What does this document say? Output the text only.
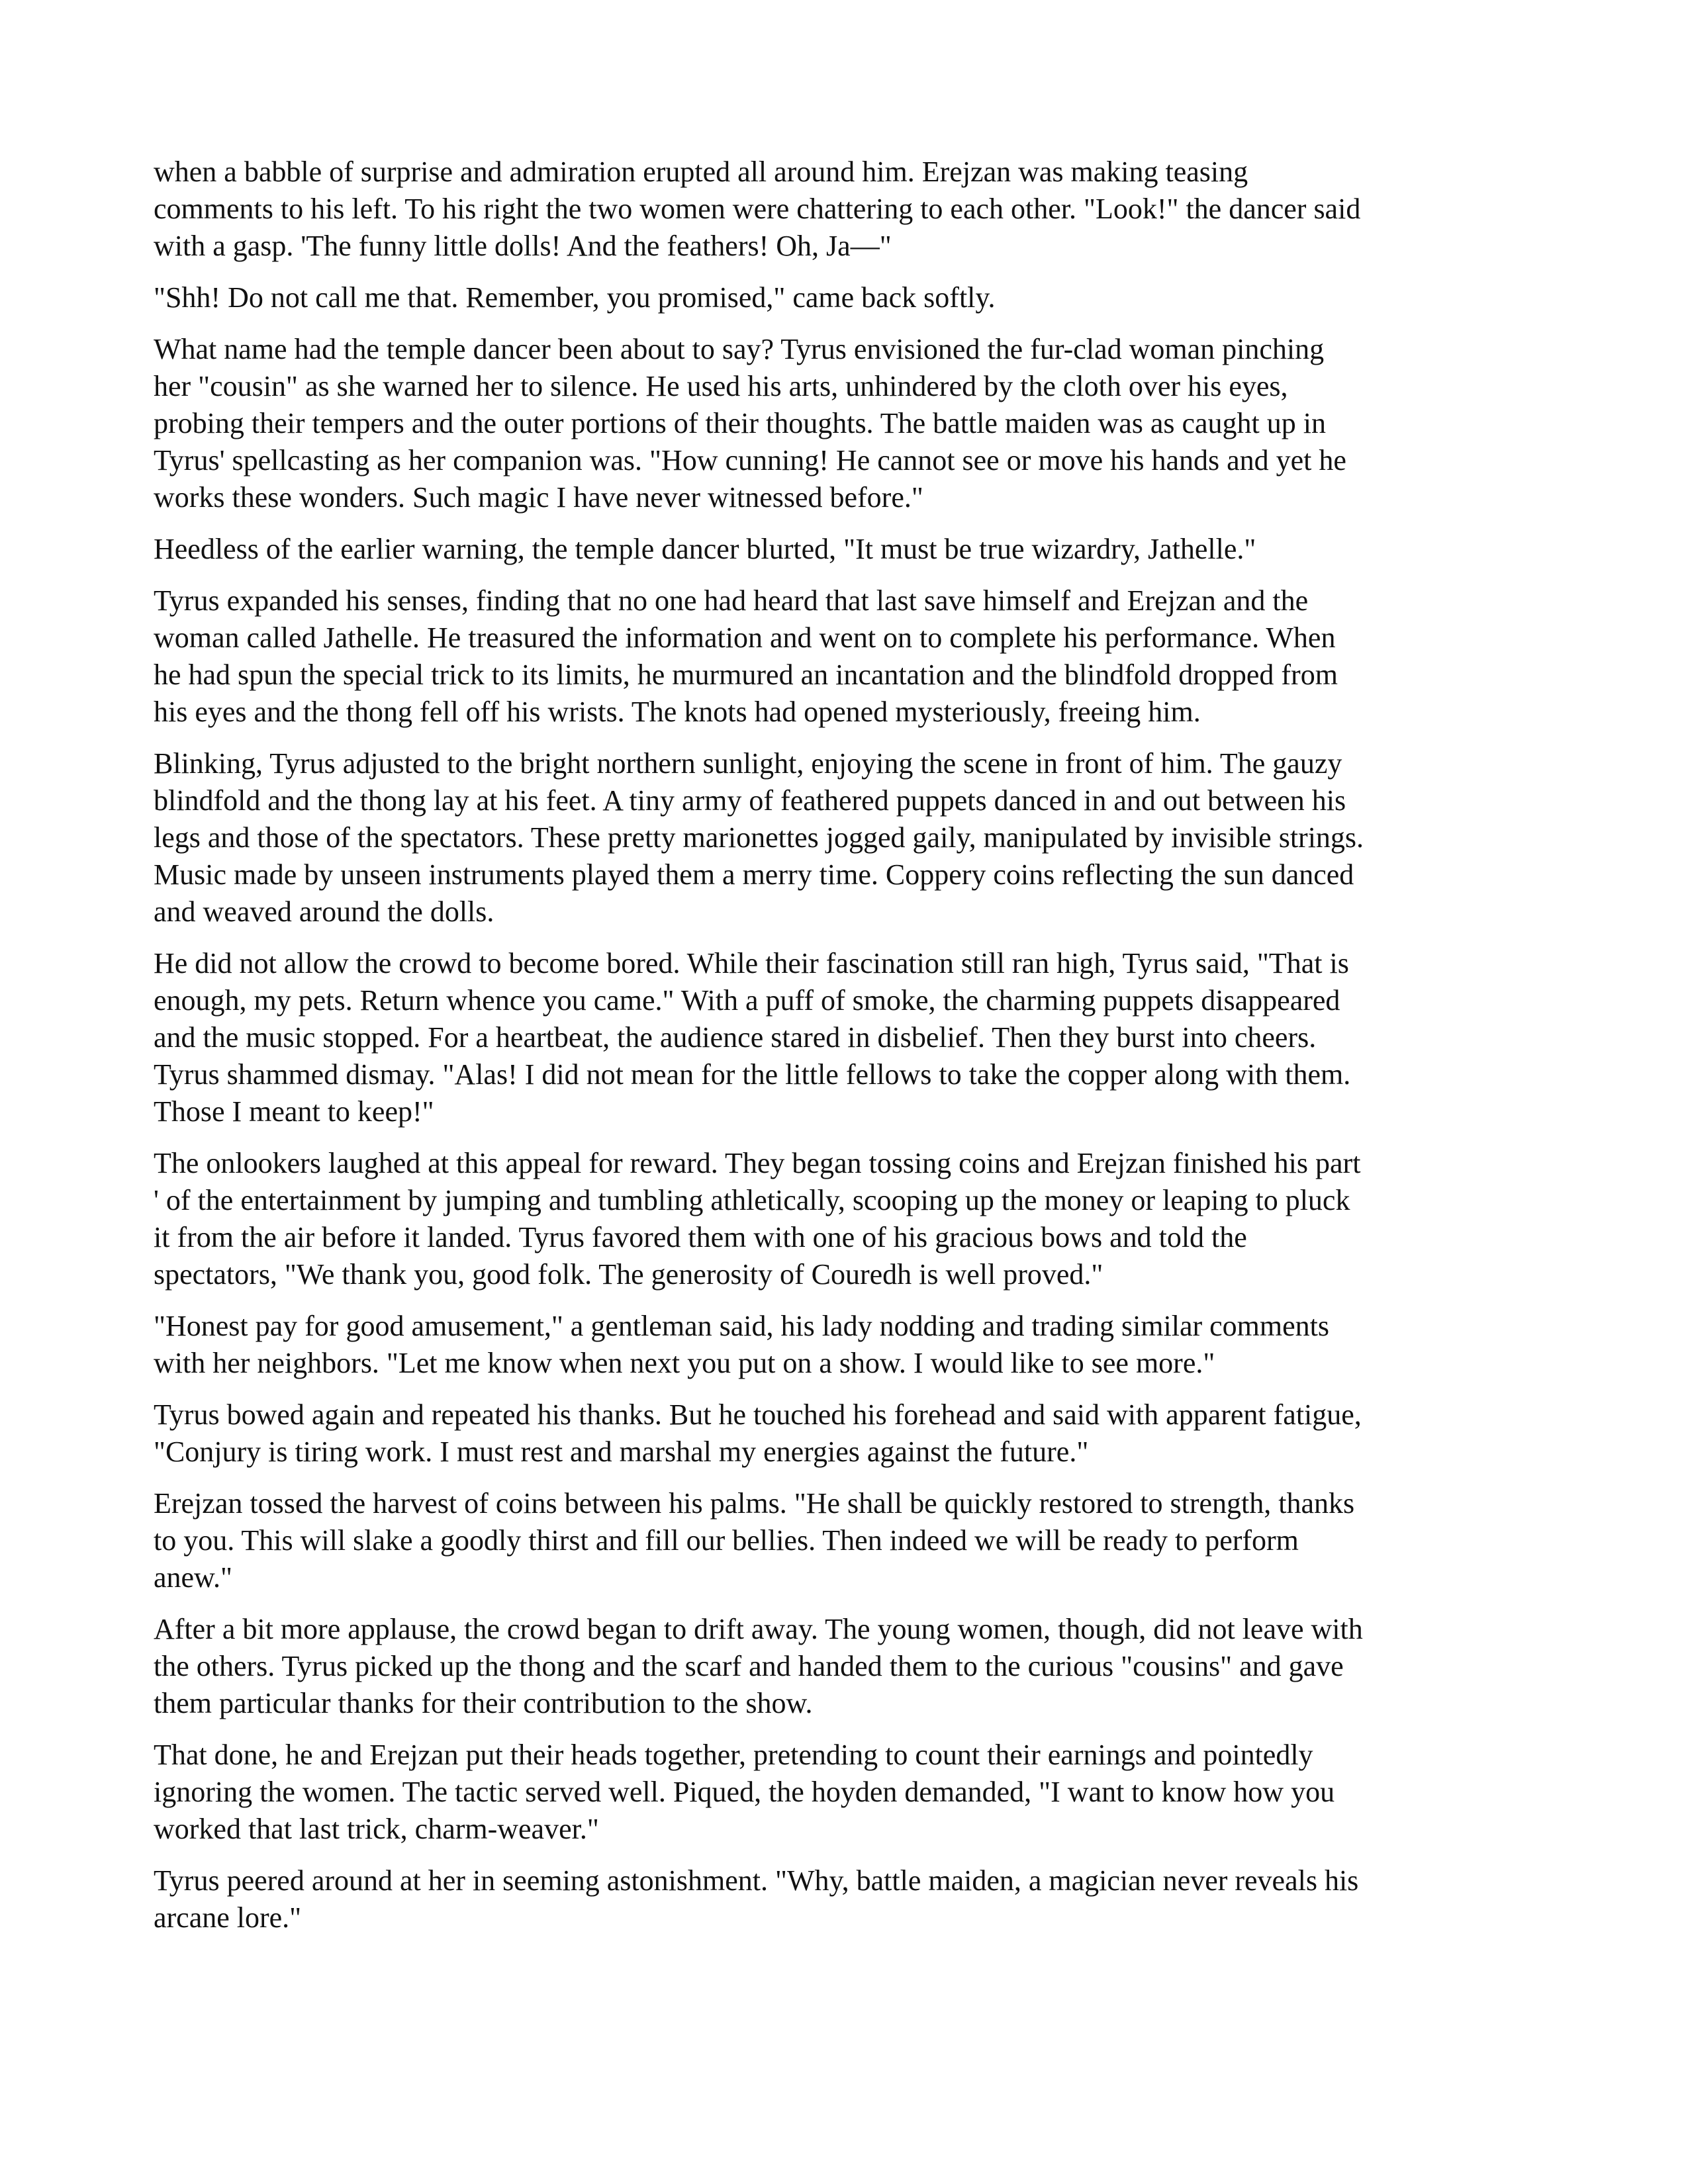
when a babble of surprise and admiration erupted all around him. Erejzan was making teasing
comments to his left. To his right the two women were chattering to each other. "Look!" the dancer said
with a gasp. 'The funny little dolls! And the feathers! Oh, Ja—"

"Shh! Do not call me that. Remember, you promised," came back softly.

What name had the temple dancer been about to say? Tyrus envisioned the fur-clad woman pinching
her "cousin" as she warned her to silence. He used his arts, unhindered by the cloth over his eyes,
probing their tempers and the outer portions of their thoughts. The battle maiden was as caught up in
Tyrus' spellcasting as her companion was. "How cunning! He cannot see or move his hands and yet he
works these wonders. Such magic I have never witnessed before."

Heedless of the earlier warning, the temple dancer blurted, "It must be true wizardry, Jathelle."

Tyrus expanded his senses, finding that no one had heard that last save himself and Erejzan and the
woman called Jathelle. He treasured the information and went on to complete his performance. When
he had spun the special trick to its limits, he murmured an incantation and the blindfold dropped from
his eyes and the thong fell off his wrists. The knots had opened mysteriously, freeing him.

Blinking, Tyrus adjusted to the bright northern sunlight, enjoying the scene in front of him. The gauzy
blindfold and the thong lay at his feet. A tiny army of feathered puppets danced in and out between his
legs and those of the spectators. These pretty marionettes jogged gaily, manipulated by invisible strings.
Music made by unseen instruments played them a merry time. Coppery coins reflecting the sun danced
and weaved around the dolls.

He did not allow the crowd to become bored. While their fascination still ran high, Tyrus said, "That is
enough, my pets. Return whence you came." With a puff of smoke, the charming puppets disappeared
and the music stopped. For a heartbeat, the audience stared in disbelief. Then they burst into cheers.
Tyrus shammed dismay. "Alas! I did not mean for the little fellows to take the copper along with them.
Those I meant to keep!"

The onlookers laughed at this appeal for reward. They began tossing coins and Erejzan finished his part
' of the entertainment by jumping and tumbling athletically, scooping up the money or leaping to pluck
it from the air before it landed. Tyrus favored them with one of his gracious bows and told the
spectators, "We thank you, good folk. The generosity of Couredh is well proved."

"Honest pay for good amusement," a gentleman said, his lady nodding and trading similar comments
with her neighbors. "Let me know when next you put on a show. I would like to see more."

Tyrus bowed again and repeated his thanks. But he touched his forehead and said with apparent fatigue,
"Conjury is tiring work. I must rest and marshal my energies against the future."

Erejzan tossed the harvest of coins between his palms. "He shall be quickly restored to strength, thanks
to you. This will slake a goodly thirst and fill our bellies. Then indeed we will be ready to perform
anew."

After a bit more applause, the crowd began to drift away. The young women, though, did not leave with
the others. Tyrus picked up the thong and the scarf and handed them to the curious "cousins" and gave
them particular thanks for their contribution to the show.

That done, he and Erejzan put their heads together, pretending to count their earnings and pointedly
ignoring the women. The tactic served well. Piqued, the hoyden demanded, "I want to know how you
worked that last trick, charm-weaver."

Tyrus peered around at her in seeming astonishment. "Why, battle maiden, a magician never reveals his
arcane lore."
